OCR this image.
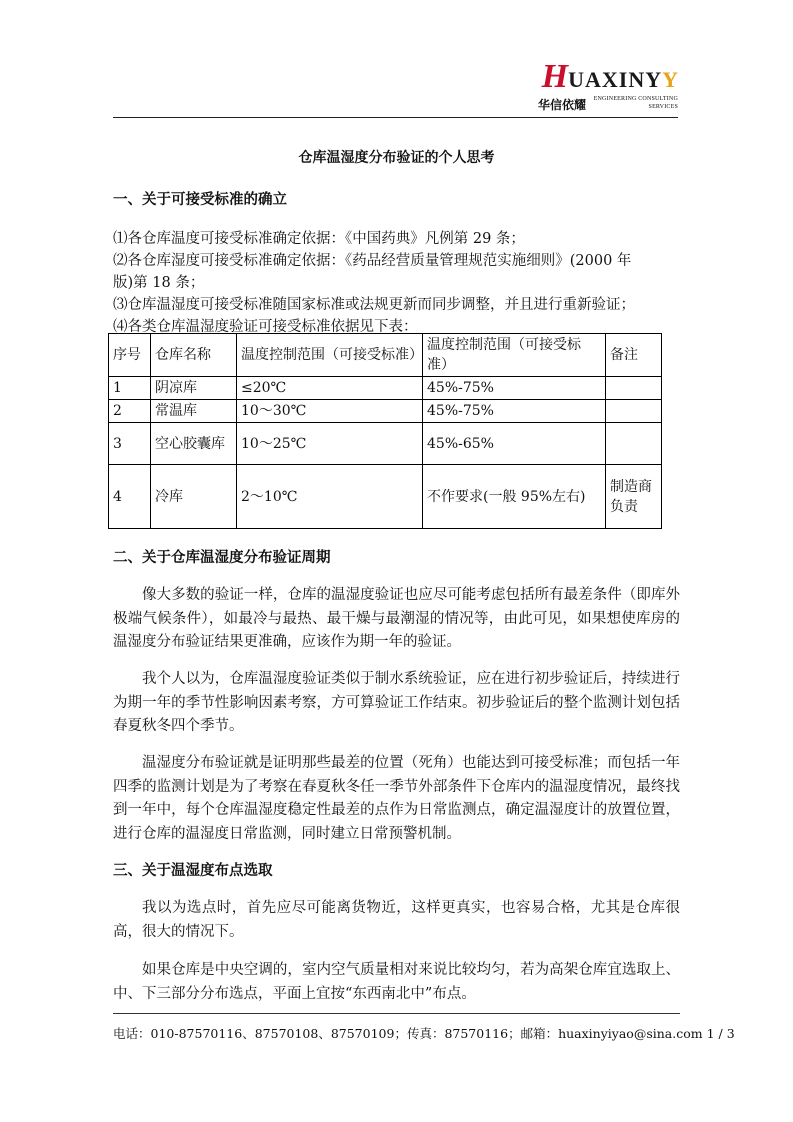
HUAXINYY
华信依耀 ENGINEERING CONSULTING
SERVICES
仓库温湿度分布验证的个人思考
一、关于可接受标准的确立
⑴各仓库温度可接受标准确定依据：《中国药典》凡例第 29 条；
⑵各仓库湿度可接受标准确定依据：《药品经营质量管理规范实施细则》(2000 年
版)第 18 条；
⑶仓库温湿度可接受标准随国家标准或法规更新而同步调整，并且进行重新验证；
⑷各类仓库温湿度验证可接受标准依据见下表：
序号	仓库名称	温度控制范围（可接受标准）	温度控制范围（可接受标准）	备注
1	阴凉库	≤20℃	45%-75%	
2	常温库	10～30℃	45%-75%	
3	空心胶囊库	10～25℃	45%-65%	
4	冷库	2～10℃	不作要求(一般 95%左右)	制造商负责
二、关于仓库温湿度分布验证周期
像大多数的验证一样，仓库的温湿度验证也应尽可能考虑包括所有最差条件（即库外极端气候条件），如最冷与最热、最干燥与最潮湿的情况等，由此可见，如果想使库房的温湿度分布验证结果更准确，应该作为期一年的验证。
我个人以为，仓库温湿度验证类似于制水系统验证，应在进行初步验证后，持续进行为期一年的季节性影响因素考察，方可算验证工作结束。初步验证后的整个监测计划包括春夏秋冬四个季节。
温湿度分布验证就是证明那些最差的位置（死角）也能达到可接受标准；而包括一年四季的监测计划是为了考察在春夏秋冬任一季节外部条件下仓库内的温湿度情况，最终找到一年中，每个仓库温湿度稳定性最差的点作为日常监测点，确定温湿度计的放置位置，进行仓库的温湿度日常监测，同时建立日常预警机制。
三、关于温湿度布点选取
我以为选点时，首先应尽可能离货物近，这样更真实，也容易合格，尤其是仓库很高，很大的情况下。
如果仓库是中央空调的，室内空气质量相对来说比较均匀，若为高架仓库宜选取上、中、下三部分分布选点，平面上宜按“东西南北中”布点。
电话：010-87570116、87570108、87570109；传真：87570116；邮箱：huaxinyiyao@sina.com 1 / 3
